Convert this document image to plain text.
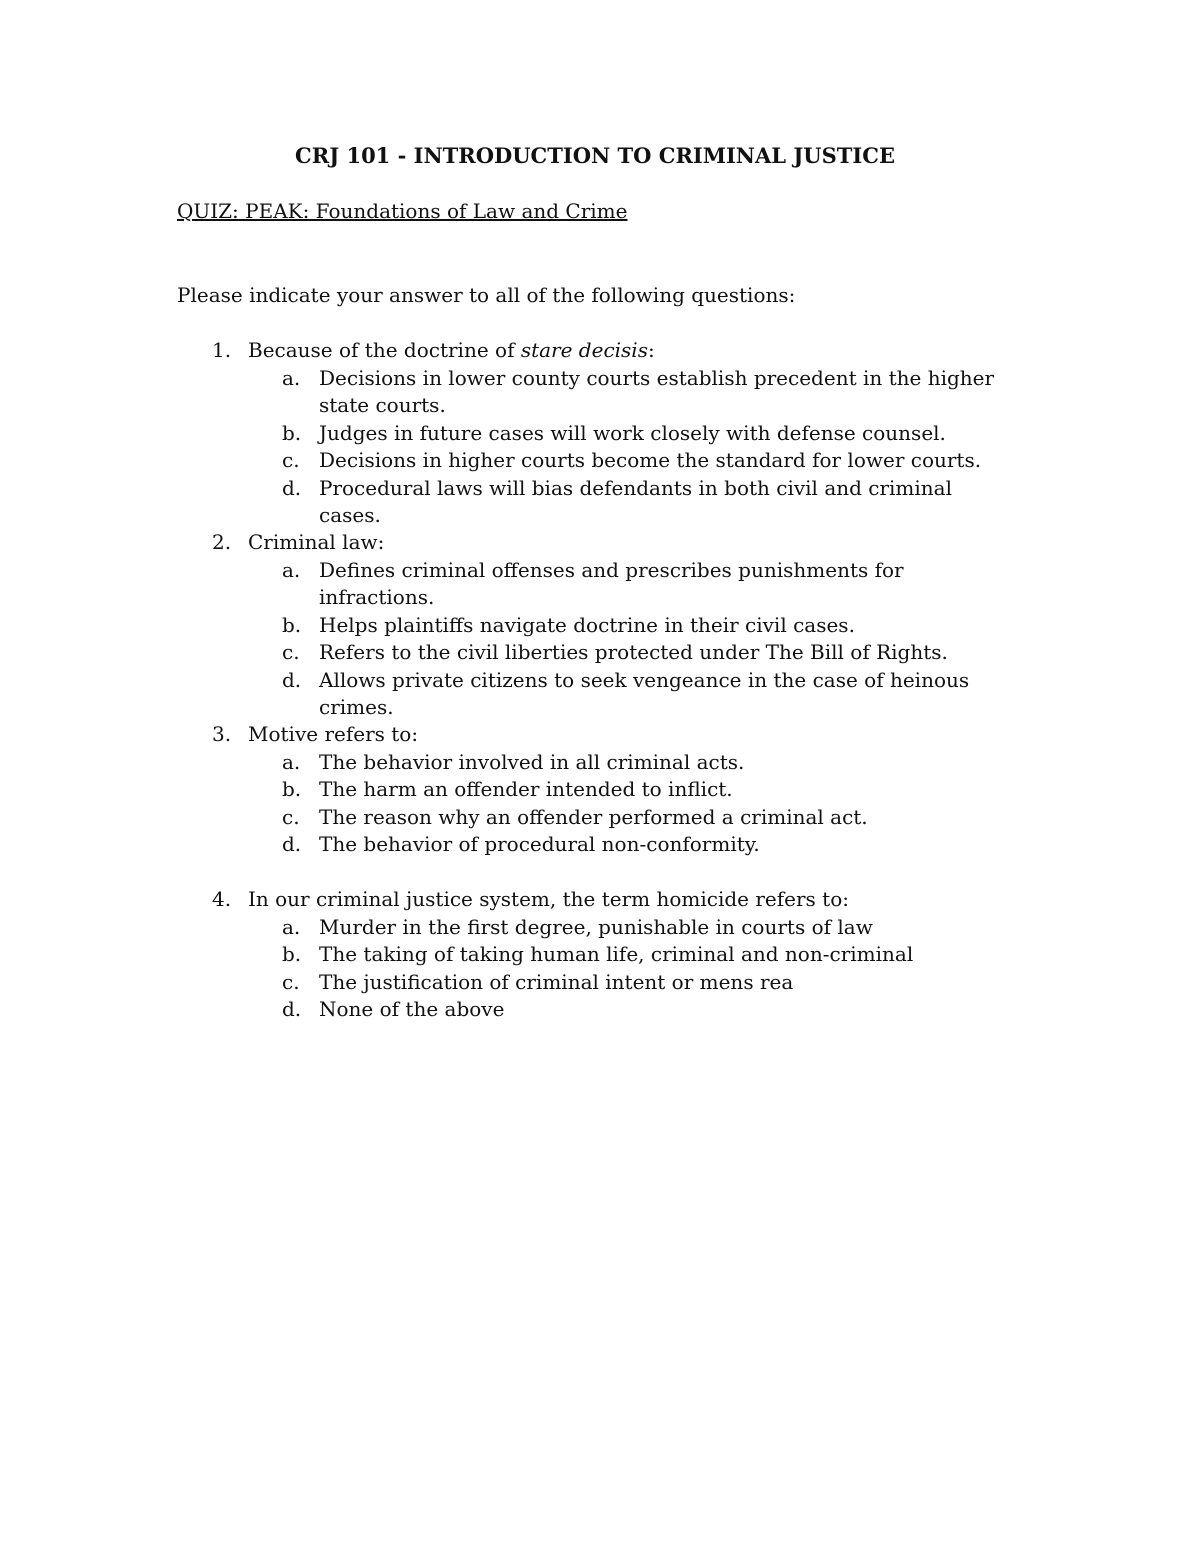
CRJ 101 - INTRODUCTION TO CRIMINAL JUSTICE
QUIZ: PEAK: Foundations of Law and Crime
Please indicate your answer to all of the following questions:
1. Because of the doctrine of stare decisis:
a. Decisions in lower county courts establish precedent in the higher state courts.
b. Judges in future cases will work closely with defense counsel.
c. Decisions in higher courts become the standard for lower courts.
d. Procedural laws will bias defendants in both civil and criminal cases.
2. Criminal law:
a. Defines criminal offenses and prescribes punishments for infractions.
b. Helps plaintiffs navigate doctrine in their civil cases.
c. Refers to the civil liberties protected under The Bill of Rights.
d. Allows private citizens to seek vengeance in the case of heinous crimes.
3. Motive refers to:
a. The behavior involved in all criminal acts.
b. The harm an offender intended to inflict.
c. The reason why an offender performed a criminal act.
d. The behavior of procedural non-conformity.
4. In our criminal justice system, the term homicide refers to:
a. Murder in the first degree, punishable in courts of law
b. The taking of taking human life, criminal and non-criminal
c. The justification of criminal intent or mens rea
d. None of the above
